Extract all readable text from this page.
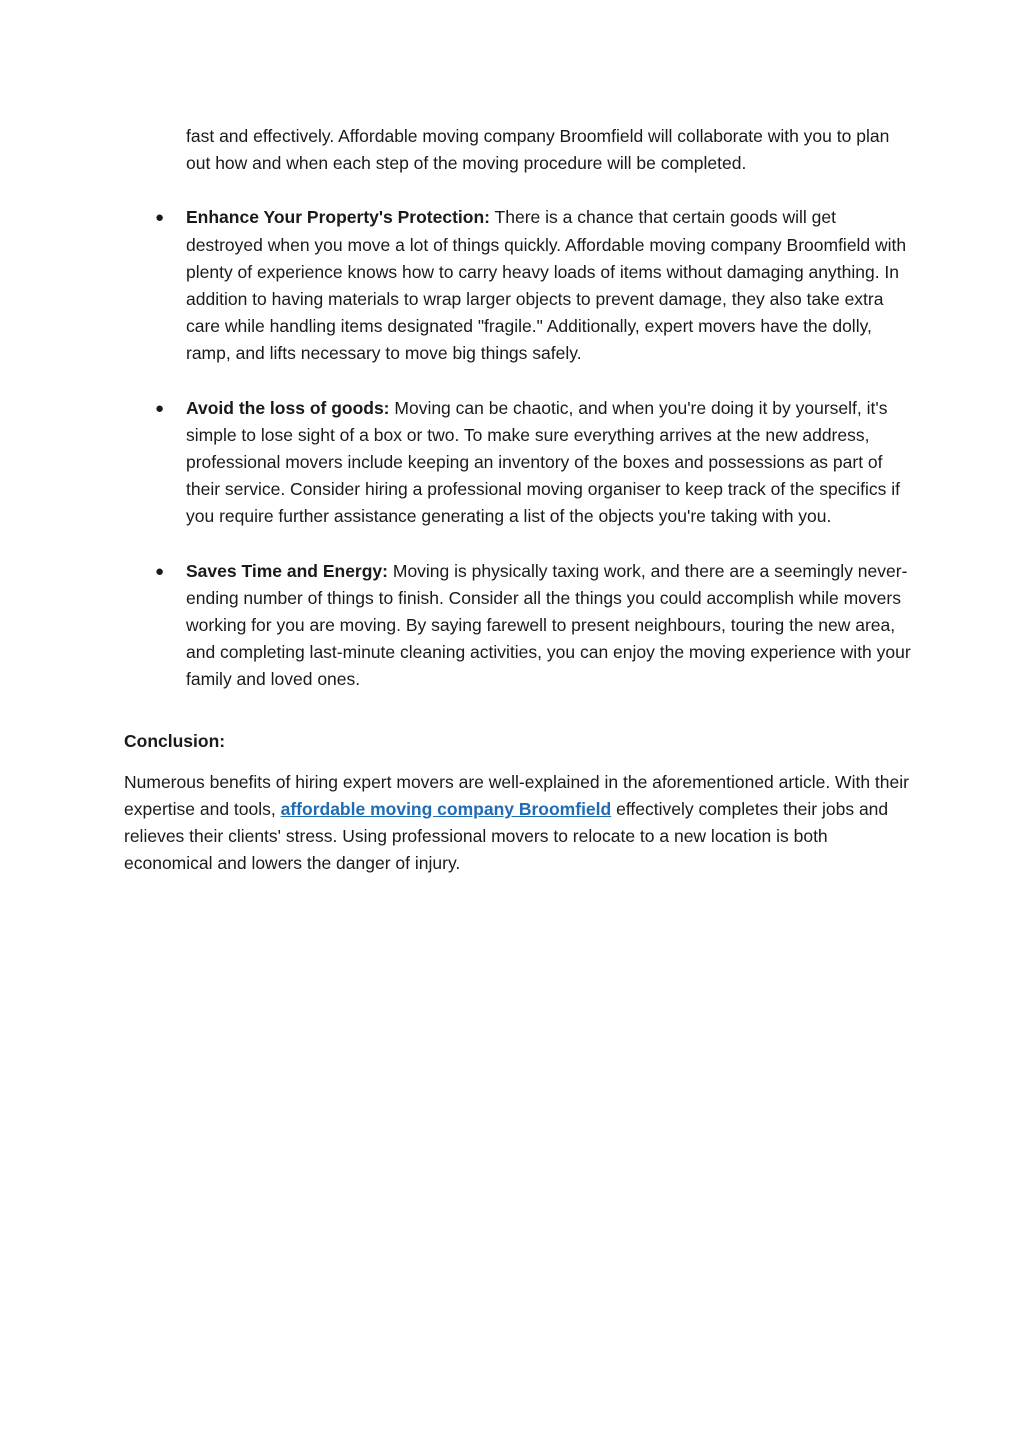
fast and effectively. Affordable moving company Broomfield will collaborate with you to plan out how and when each step of the moving procedure will be completed.

● Enhance Your Property's Protection: There is a chance that certain goods will get destroyed when you move a lot of things quickly. Affordable moving company Broomfield with plenty of experience knows how to carry heavy loads of items without damaging anything. In addition to having materials to wrap larger objects to prevent damage, they also take extra care while handling items designated "fragile." Additionally, expert movers have the dolly, ramp, and lifts necessary to move big things safely.
● Avoid the loss of goods: Moving can be chaotic, and when you're doing it by yourself, it's simple to lose sight of a box or two. To make sure everything arrives at the new address, professional movers include keeping an inventory of the boxes and possessions as part of their service. Consider hiring a professional moving organiser to keep track of the specifics if you require further assistance generating a list of the objects you're taking with you.
● Saves Time and Energy: Moving is physically taxing work, and there are a seemingly never-ending number of things to finish. Consider all the things you could accomplish while movers working for you are moving. By saying farewell to present neighbours, touring the new area, and completing last-minute cleaning activities, you can enjoy the moving experience with your family and loved ones.

Conclusion:

Numerous benefits of hiring expert movers are well-explained in the aforementioned article. With their expertise and tools, affordable moving company Broomfield effectively completes their jobs and relieves their clients' stress. Using professional movers to relocate to a new location is both economical and lowers the danger of injury.
